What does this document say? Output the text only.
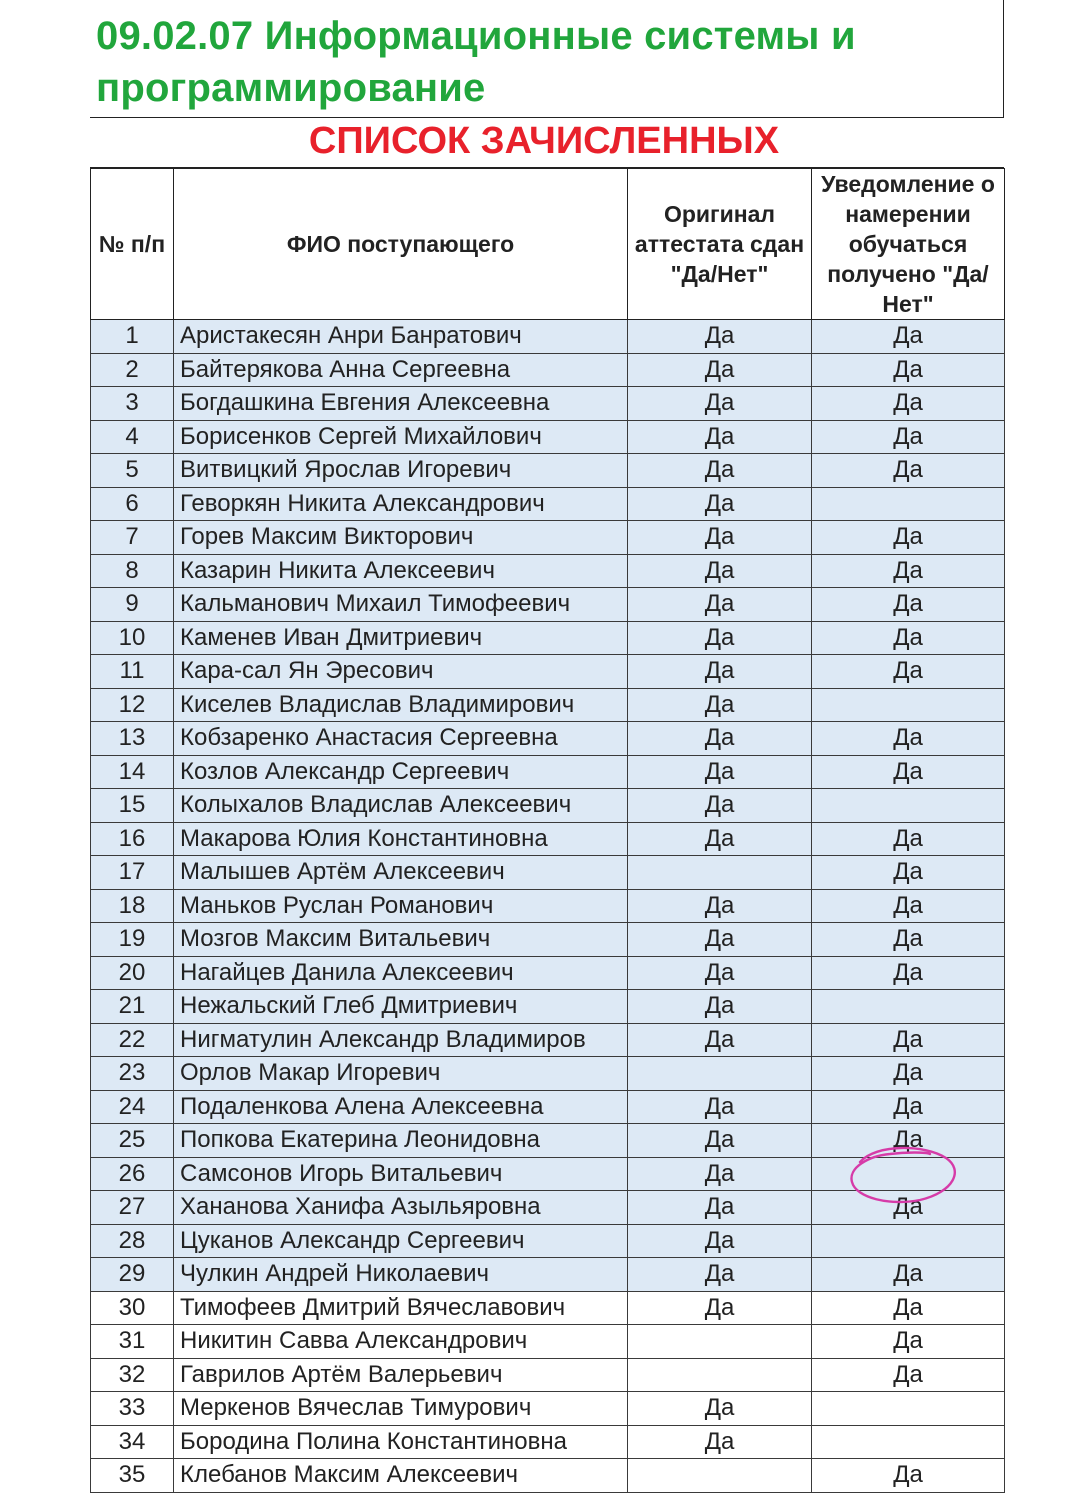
09.02.07 Информационные системы и
программирование
СПИСОК ЗАЧИСЛЕННЫХ
№ п/п	ФИО поступающего	Оригинал аттестата сдан "Да/Нет"	Уведомление о намерении обучаться получено "Да/ Нет"
1	Аристакесян Анри Банратович	Да	Да
2	Байтерякова Анна Сергеевна	Да	Да
3	Богдашкина Евгения Алексеевна	Да	Да
4	Борисенков Сергей Михайлович	Да	Да
5	Витвицкий Ярослав Игоревич	Да	Да
6	Геворкян Никита Александрович	Да	
7	Горев Максим Викторович	Да	Да
8	Казарин Никита Алексеевич	Да	Да
9	Кальманович Михаил Тимофеевич	Да	Да
10	Каменев Иван Дмитриевич	Да	Да
11	Кара-сал Ян Эресович	Да	Да
12	Киселев Владислав Владимирович	Да	
13	Кобзаренко Анастасия Сергеевна	Да	Да
14	Козлов Александр Сергеевич	Да	Да
15	Колыхалов Владислав Алексеевич	Да	
16	Макарова Юлия Константиновна	Да	Да
17	Малышев Артём Алексеевич		Да
18	Маньков Руслан Романович	Да	Да
19	Мозгов Максим Витальевич	Да	Да
20	Нагайцев Данила Алексеевич	Да	Да
21	Нежальский Глеб Дмитриевич	Да	
22	Нигматулин Александр Владимиров	Да	Да
23	Орлов Макар Игоревич		Да
24	Подаленкова Алена Алексеевна	Да	Да
25	Попкова Екатерина Леонидовна	Да	Да
26	Самсонов Игорь Витальевич	Да	
27	Хананова Ханифа Азыльяровна	Да	Да
28	Цуканов Александр Сергеевич	Да	
29	Чулкин Андрей Николаевич	Да	Да
30	Тимофеев Дмитрий Вячеславович	Да	Да
31	Никитин Савва Александрович		Да
32	Гаврилов Артём Валерьевич		Да
33	Меркенов Вячеслав Тимурович	Да	
34	Бородина Полина Константиновна	Да	
35	Клебанов Максим Алексеевич		Да
